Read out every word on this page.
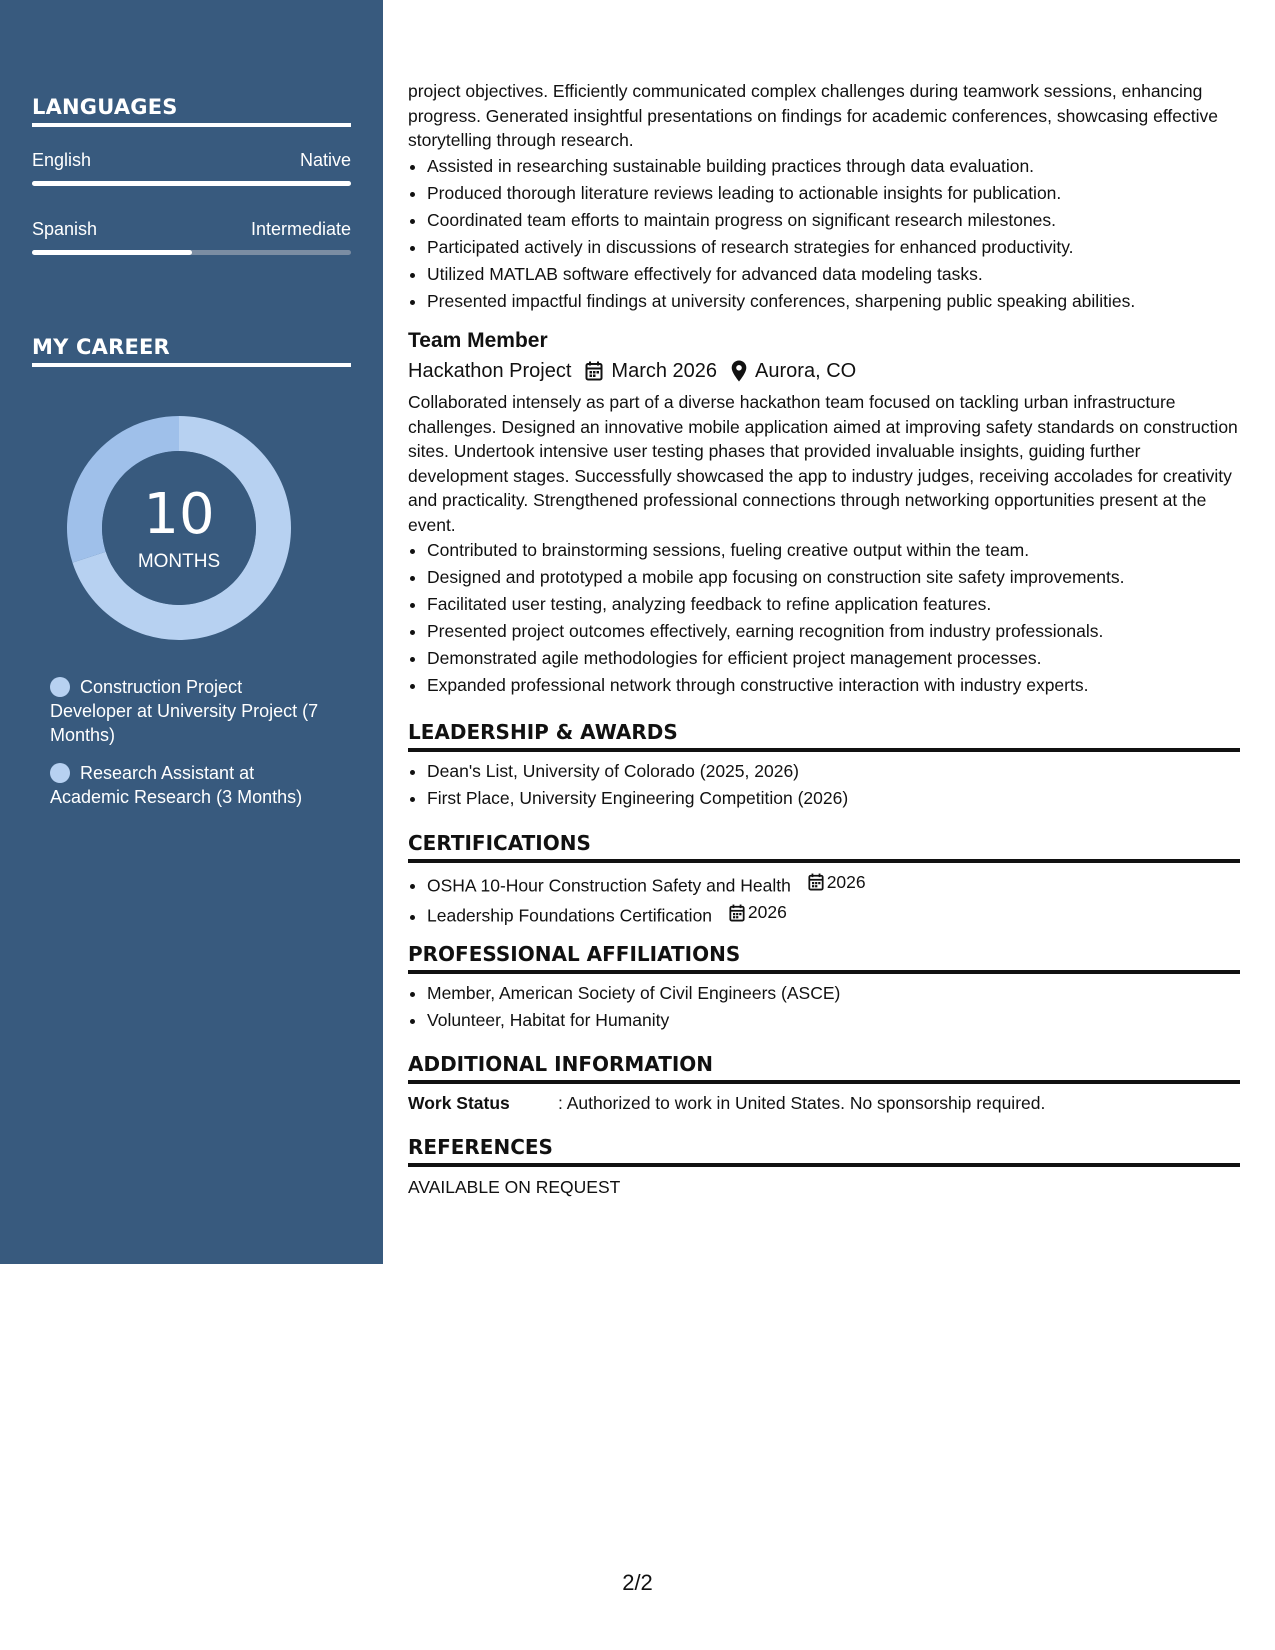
LANGUAGES
English	Native
Spanish	Intermediate
MY CAREER
10
MONTHS
Construction Project Developer at University Project (7 Months)
Research Assistant at Academic Research (3 Months)

project objectives. Efficiently communicated complex challenges during teamwork sessions, enhancing progress. Generated insightful presentations on findings for academic conferences, showcasing effective storytelling through research.

• Assisted in researching sustainable building practices through data evaluation.
• Produced thorough literature reviews leading to actionable insights for publication.
• Coordinated team efforts to maintain progress on significant research milestones.
• Participated actively in discussions of research strategies for enhanced productivity.
• Utilized MATLAB software effectively for advanced data modeling tasks.
• Presented impactful findings at university conferences, sharpening public speaking abilities.
Team Member
Hackathon Project March 2026 Aurora, CO

Collaborated intensely as part of a diverse hackathon team focused on tackling urban infrastructure challenges. Designed an innovative mobile application aimed at improving safety standards on construction sites. Undertook intensive user testing phases that provided invaluable insights, guiding further development stages. Successfully showcased the app to industry judges, receiving accolades for creativity and practicality. Strengthened professional connections through networking opportunities present at the event.

• Contributed to brainstorming sessions, fueling creative output within the team.
• Designed and prototyped a mobile app focusing on construction site safety improvements.
• Facilitated user testing, analyzing feedback to refine application features.
• Presented project outcomes effectively, earning recognition from industry professionals.
• Demonstrated agile methodologies for efficient project management processes.
• Expanded professional network through constructive interaction with industry experts.
LEADERSHIP & AWARDS
• Dean's List, University of Colorado (2025, 2026)
• First Place, University Engineering Competition (2026)
CERTIFICATIONS
• OSHA 10-Hour Construction Safety and Health 2026
• Leadership Foundations Certification 2026
PROFESSIONAL AFFILIATIONS
• Member, American Society of Civil Engineers (ASCE)
• Volunteer, Habitat for Humanity
ADDITIONAL INFORMATION

Work Status	: Authorized to work in United States. No sponsorship required.

REFERENCES

AVAILABLE ON REQUEST

2/2
